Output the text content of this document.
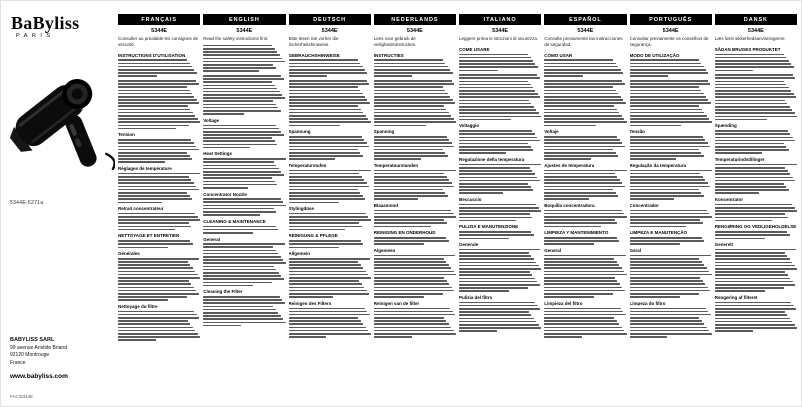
BaByliss
PARIS
5344E-5271a
BABYLISS SARL
99 avenue Aristide Briand
92120 Montrouge
France
www.babyliss.com
FAC/5344E
FRANÇAIS
5344E
Consulter au préalable les consignes de sécurité.
INSTRUCTIONS D'UTILISATION
Tension
Réglages de température
Retrait concentrateur
NETTOYAGE ET ENTRETIEN
Générales
Nettoyage du filtre
ENGLISH
5344E
Read the safety instructions first.
Voltage
Heat Settings
Concentrator Nozzle
CLEANING & MAINTENANCE
General
Cleaning the Filter
DEUTSCH
5344E
Bitte lesen Sie vorher die Sicherheitshinweise.
GEBRAUCHSHINWEISE
Spannung
Temperaturstufen
Stylingdüse
REINIGUNG & PFLEGE
Allgemein
Reinigen des Filters
NEDERLANDS
5344E
Lees voor gebruik de veiligheidsinstructies.
INSTRUCTIES
Spanning
Temperatuurstanden
Blaasmond
REINIGING EN ONDERHOUD
Algemeen
Reinigen van de filter
ITALIANO
5344E
Leggere prima le istruzioni di sicurezza.
COME USARE
Voltaggio
Regolazione della temperatura
Beccuccio
PULIZIA E MANUTENZIONE
Generale
Pulizia del filtro
ESPAÑOL
5344E
Consulte previamente las instrucciones de seguridad.
CÓMO USAR
Voltaje
Ajustes de temperatura
Boquilla concentradora
LIMPIEZA Y MANTENIMIENTO
General
Limpieza del filtro
PORTUGUÊS
5344E
Consultar previamente os conselhos de segurança.
MODO DE UTILIZAÇÃO
Tensão
Regulação da temperatura
Concentrador
LIMPEZA E MANUTENÇÃO
Geral
Limpeza do filtro
DANSK
5344E
Læs først sikkerhedsanvisningerne.
SÅDAN BRUGES PRODUKTET
Spænding
Temperaturindstillinger
Koncentrator
RENGØRING OG VEDLIGEHOLDELSE
Generelt
Rengøring af filteret
